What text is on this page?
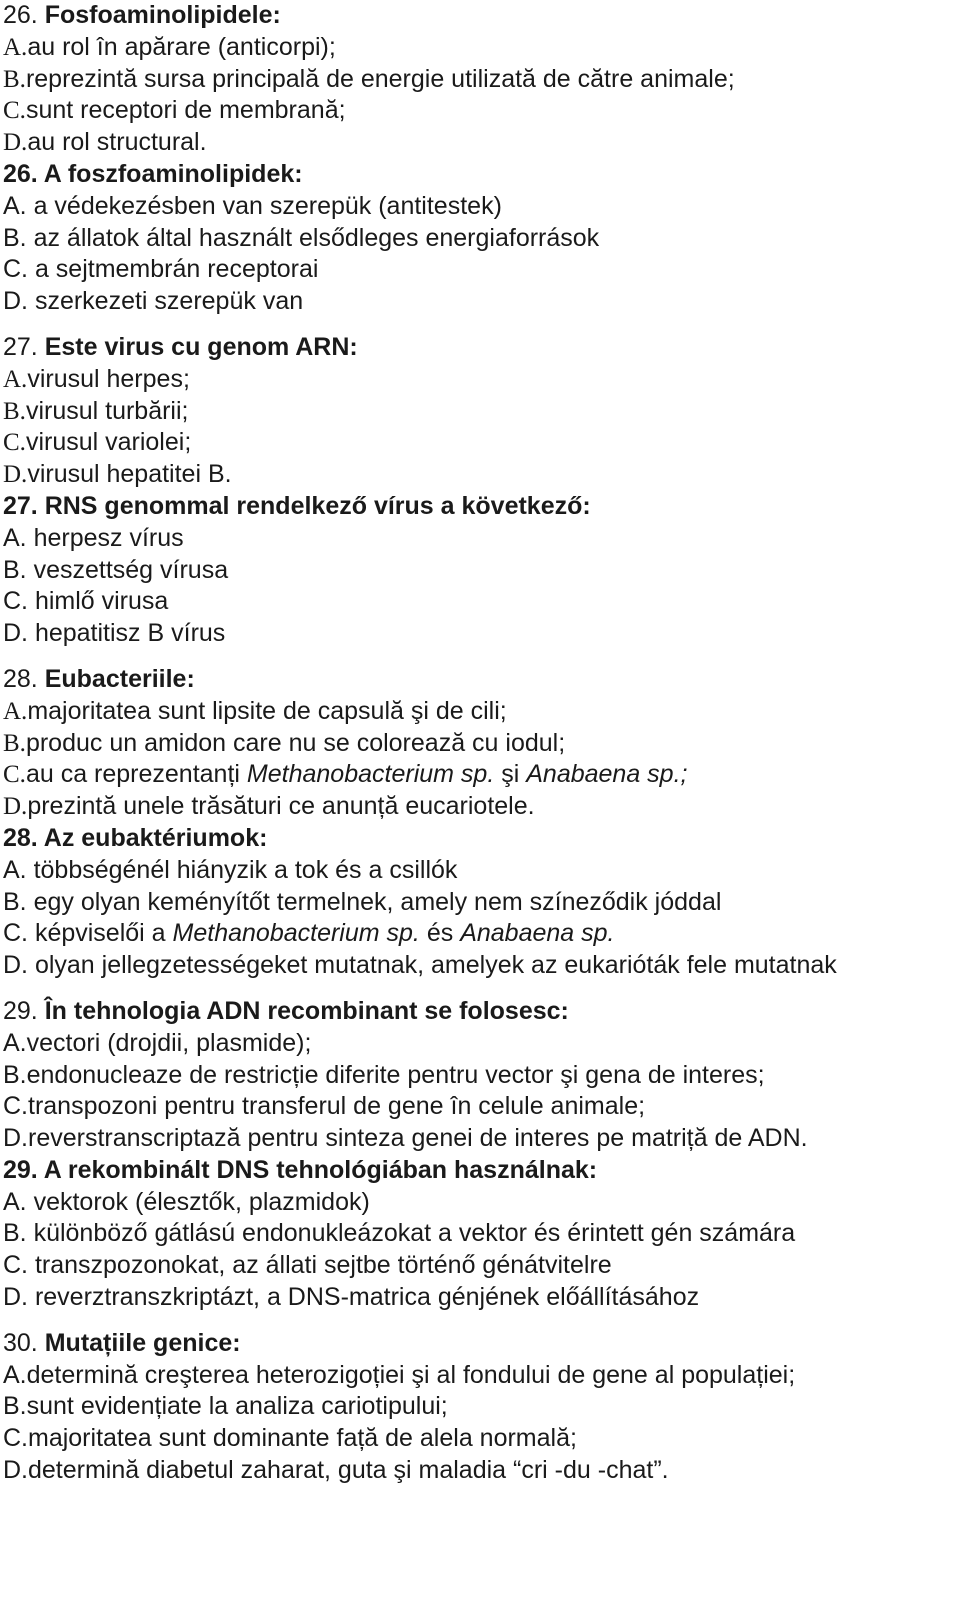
26. Fosfoaminolipidele:
A.au rol în apărare (anticorpi);
B.reprezintă sursa principală de energie utilizată de către animale;
C.sunt receptori de membrană;
D.au rol structural.
26. A foszfoaminolipidek:
A. a védekezésben van szerepük (antitestek)
B. az állatok által használt elsődleges energiaforrások
C. a sejtmembrán receptorai
D. szerkezeti szerepük van
27. Este virus cu genom ARN:
A.virusul herpes;
B.virusul turbării;
C.virusul variolei;
D.virusul hepatitei B.
27. RNS genommal rendelkező vírus a következő:
A. herpesz vírus
B. veszettség vírusa
C. himlő virusa
D. hepatitisz B vírus
28. Eubacteriile:
A.majoritatea sunt lipsite de capsulă şi de cili;
B.produc un amidon care nu se colorează cu iodul;
C.au ca reprezentanți Methanobacterium sp. şi Anabaena sp.;
D.prezintă unele trăsături ce anunță eucariotele.
28. Az eubaktériumok:
A. többségénél hiányzik a tok és a csillók
B. egy olyan keményítőt termelnek, amely nem színeződik jóddal
C. képviselői a Methanobacterium sp. és Anabaena sp.
D. olyan jellegzetességeket mutatnak, amelyek az eukarióták fele mutatnak
29. În tehnologia ADN recombinant se folosesc:
A.vectori (drojdii, plasmide);
B.endonucleaze de restricție diferite pentru vector şi gena de interes;
C.transpozoni pentru transferul de gene în celule animale;
D.reverstranscriptază pentru sinteza genei de interes pe matriță de ADN.
29. A rekombinált DNS tehnológiában használnak:
A. vektorok (élesztők, plazmidok)
B. különböző gátlású endonukleázokat a vektor és érintett gén számára
C. transzpozonokat, az állati sejtbe történő génátvitelre
D. reverztranszkriptázt, a DNS-matrica génjének előállításához
30. Mutațiile genice:
A.determină creşterea heterozigoției şi al fondului de gene al populației;
B.sunt evidențiate la analiza cariotipului;
C.majoritatea sunt dominante față de alela normală;
D.determină diabetul zaharat, guta şi maladia “cri -du -chat”.
